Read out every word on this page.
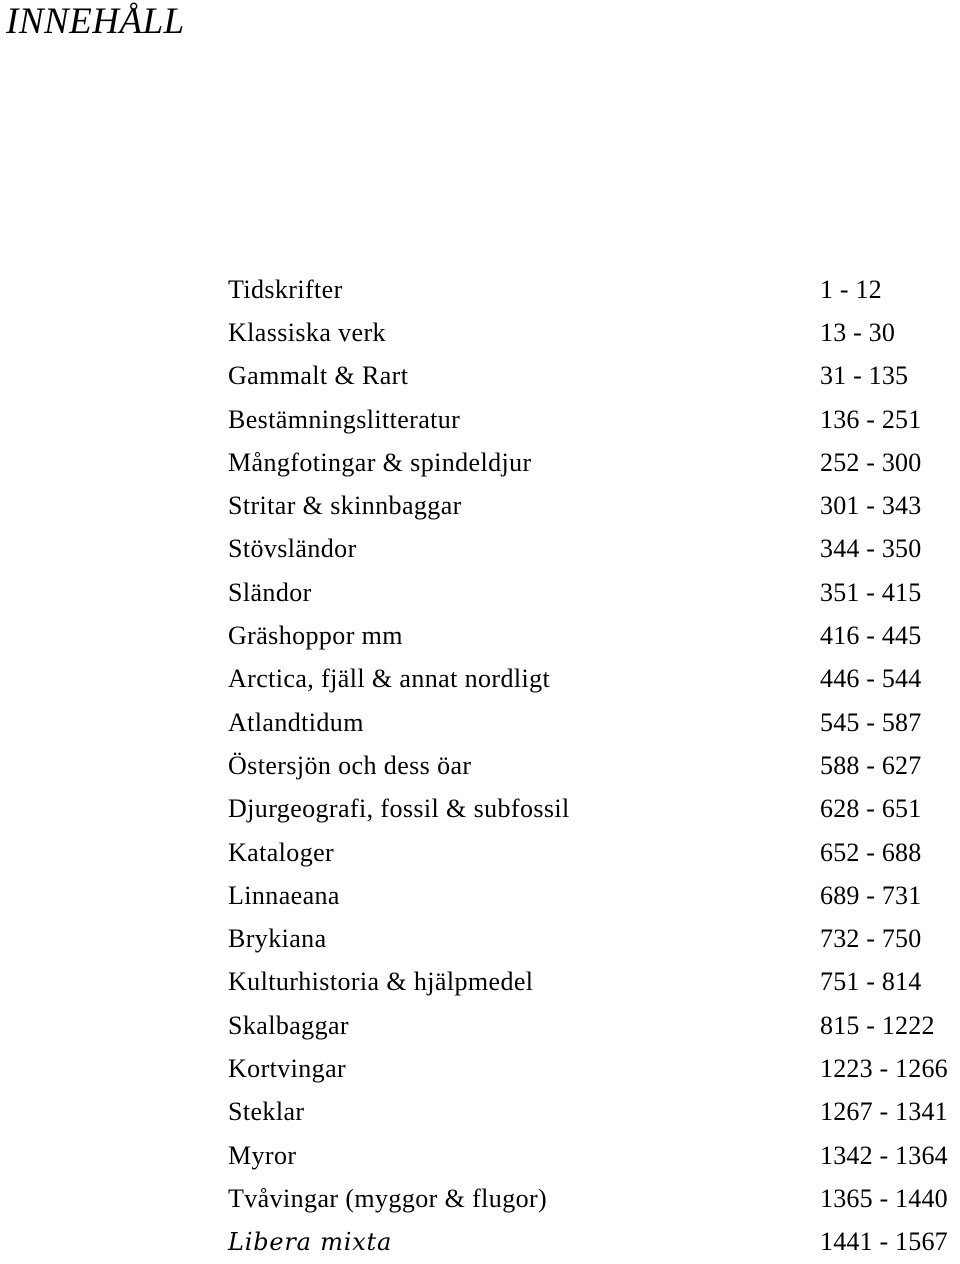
INNEHÅLL
Tidskrifter	1 - 12
Klassiska verk	13 - 30
Gammalt & Rart	31 - 135
Bestämningslitteratur	136 - 251
Mångfotingar & spindeldjur	252 - 300
Stritar & skinnbaggar	301 - 343
Stövsländor	344 - 350
Sländor	351 - 415
Gräshoppor mm	416 - 445
Arctica, fjäll & annat nordligt	446 - 544
Atlandtidum	545 - 587
Östersjön och dess öar	588 - 627
Djurgeografi, fossil & subfossil	628 - 651
Kataloger	652 - 688
Linnaeana	689 - 731
Brykiana	732 - 750
Kulturhistoria & hjälpmedel	751 - 814
Skalbaggar	815 - 1222
Kortvingar	1223 - 1266
Steklar	1267 - 1341
Myror	1342 - 1364
Tvåvingar (myggor & flugor)	1365 - 1440
Libera mixta	1441 - 1567
